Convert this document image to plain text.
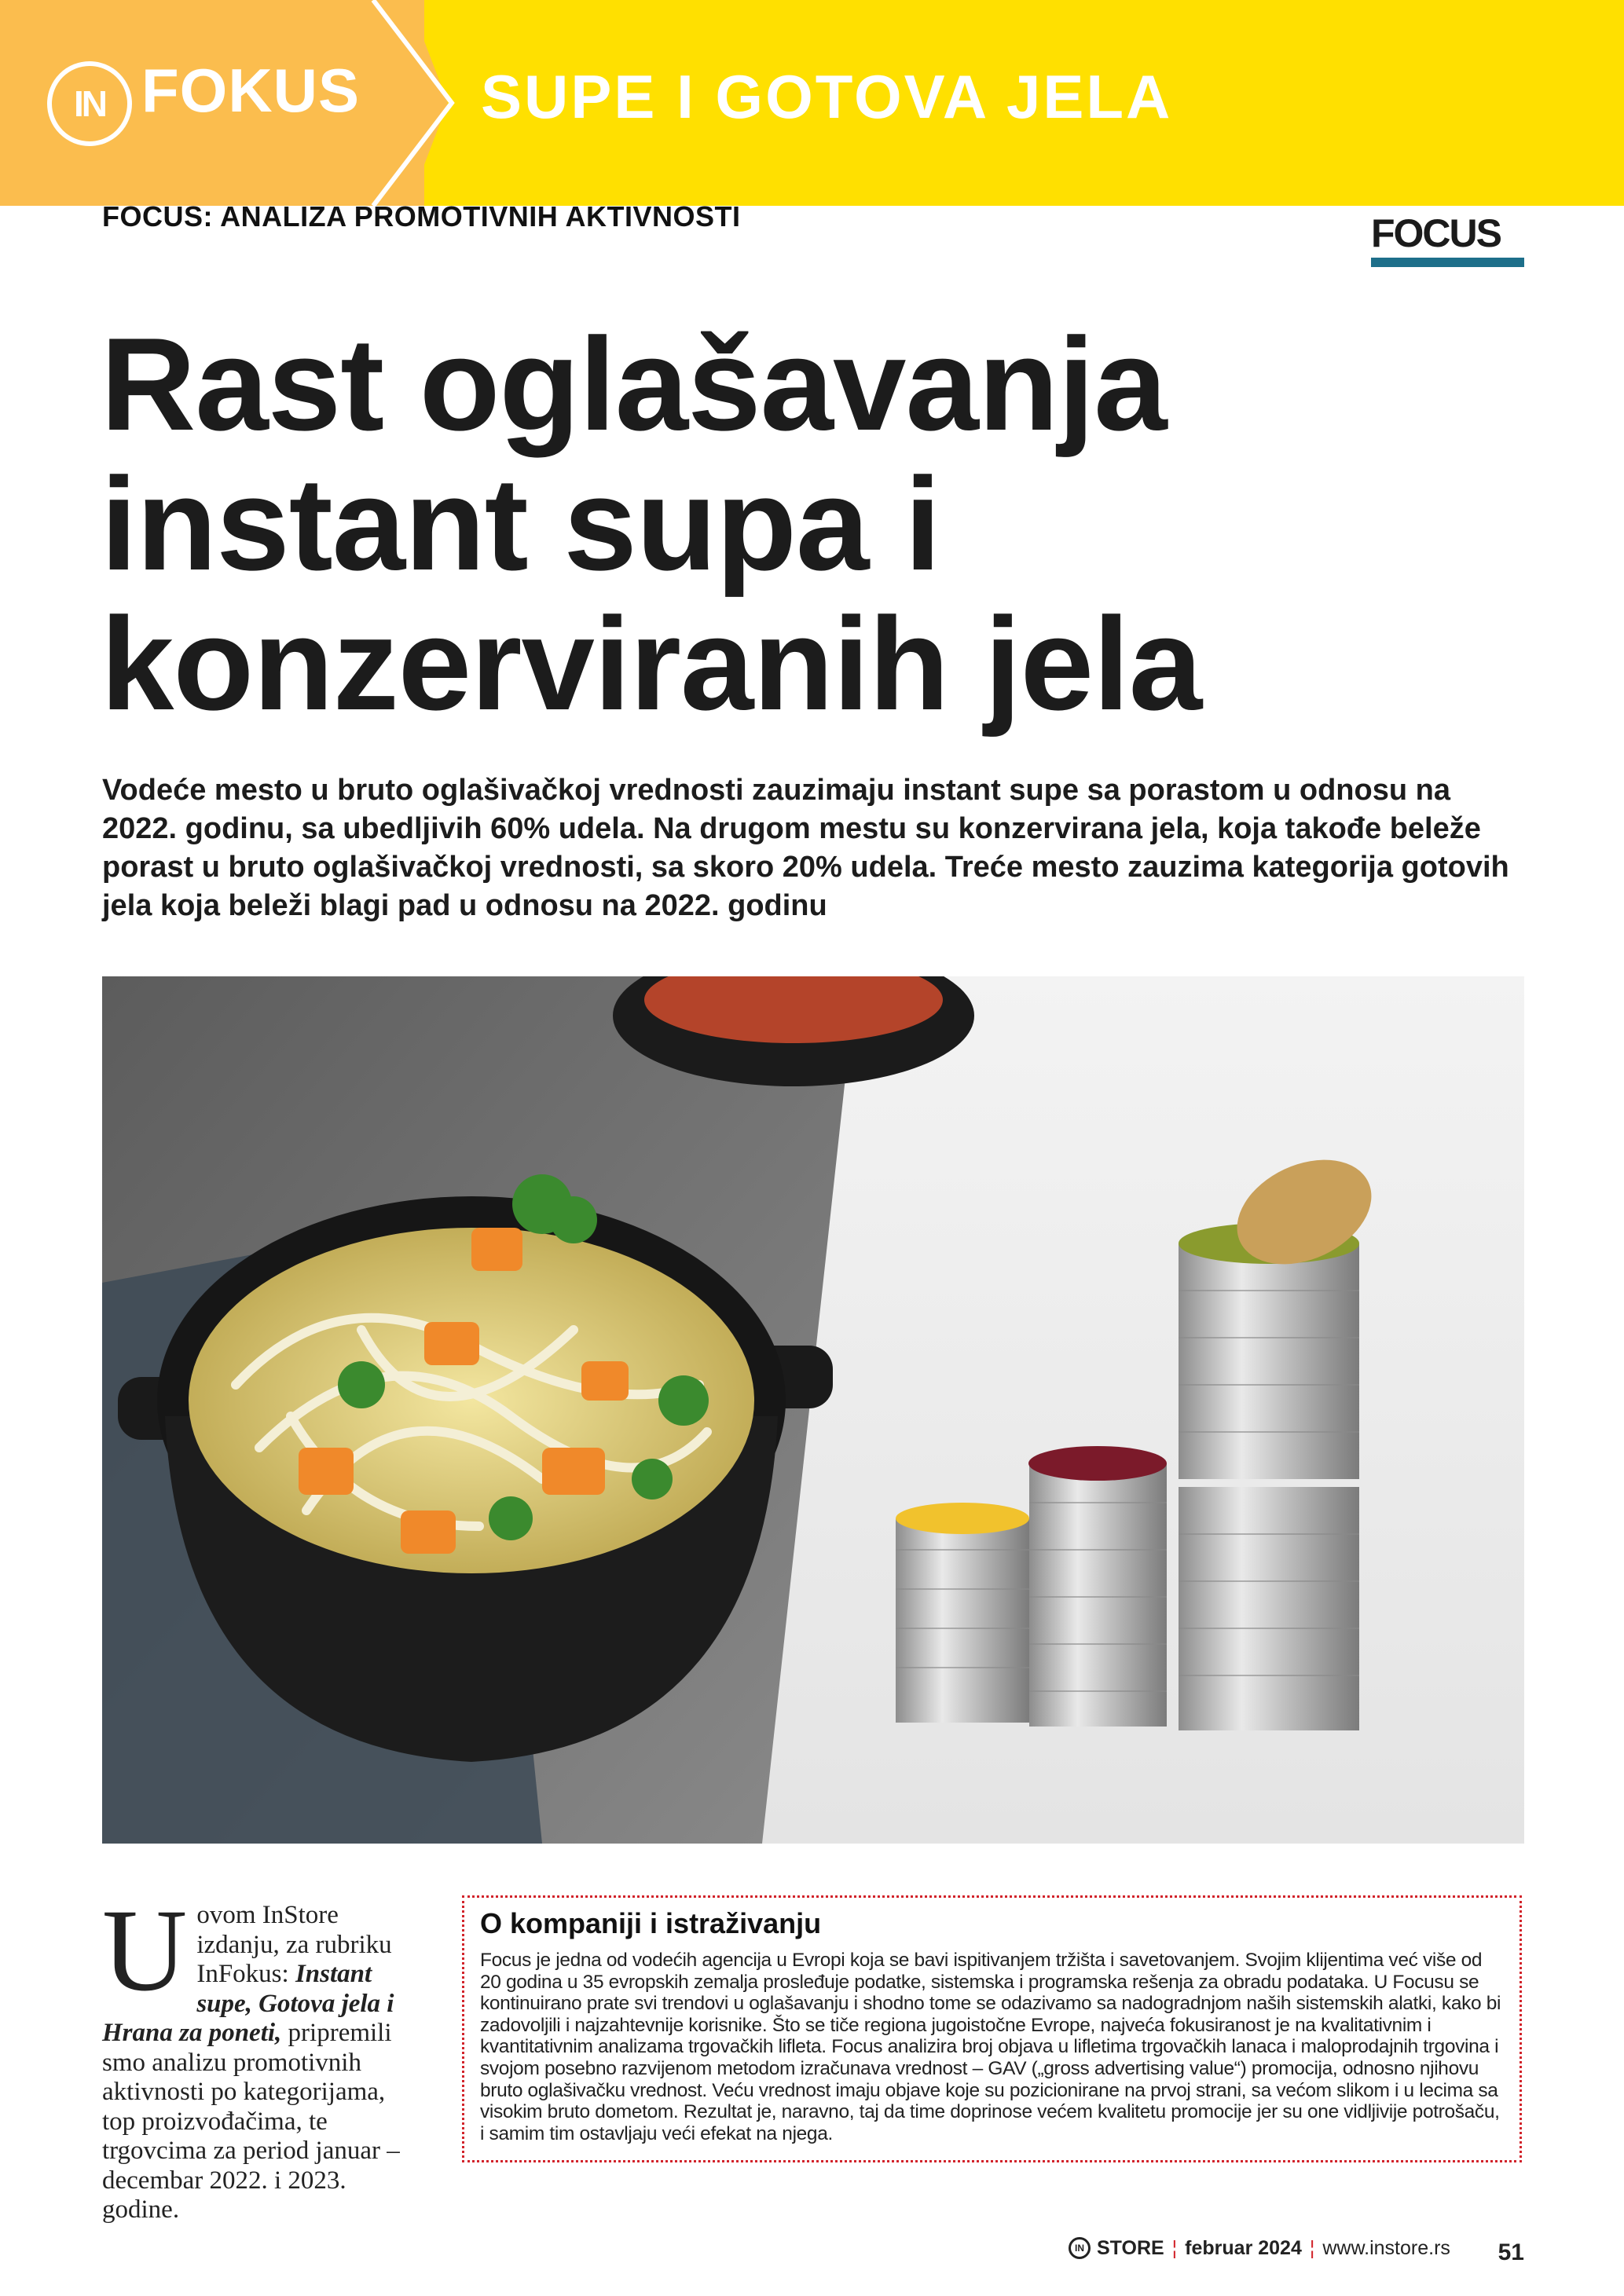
IN FOKUS SUPE I GOTOVA JELA
FOCUS: ANALIZA PROMOTIVNIH AKTIVNOSTI	FOCUS
Rast oglašavanja
instant supa i
konzerviranih jela
Vodeće mesto u bruto oglašivačkoj vrednosti zauzimaju instant supe sa porastom u odnosu na 2022. godinu, sa ubedljivih 60% udela. Na drugom mestu su konzervirana jela, koja takođe beleže porast u bruto oglašivačkoj vrednosti, sa skoro 20% udela. Treće mesto zauzima kategorija gotovih jela koja beleži blagi pad u odnosu na 2022. godinu
Uovom InStore izdanju, za rubriku InFokus: Instant supe, Gotova jela i Hrana za poneti, pripremili smo analizu promotivnih aktivnosti po kategorijama, top proizvođačima, te trgovcima za period januar – decembar 2022. i 2023. godine.
O kompaniji i istraživanju

Focus je jedna od vodećih agencija u Evropi koja se bavi ispitivanjem tržišta i savetovanjem. Svojim klijentima već više od 20 godina u 35 evropskih zemalja prosleđuje podatke, sistemska i programska rešenja za obradu podataka. U Focusu se kontinuirano prate svi trendovi u oglašavanju i shodno tome se odazivamo sa nadogradnjom naših sistemskih alatki, kako bi zadovoljili i najzahtevnije korisnike. Što se tiče regiona jugoistočne Evrope, najveća fokusiranost je na kvalitativnim i kvantitativnim analizama trgovačkih lifleta. Focus analizira broj objava u lifletima trgovačkih lanaca i maloprodajnih trgovina i svojom posebno razvijenom metodom izračunava vrednost – GAV („gross advertising value“) promocija, odnosno njihovu bruto oglašivačku vrednost. Veću vrednost imaju objave koje su pozicionirane na prvoj strani, sa većom slikom i u lecima sa visokim bruto dometom. Rezultat je, naravno, taj da time doprinose većem kvalitetu promocije jer su one vidljivije potrošaču, i samim tim ostavljaju veći efekat na njega.

IN STORE ¦ februar 2024 ¦ www.instore.rs 51
